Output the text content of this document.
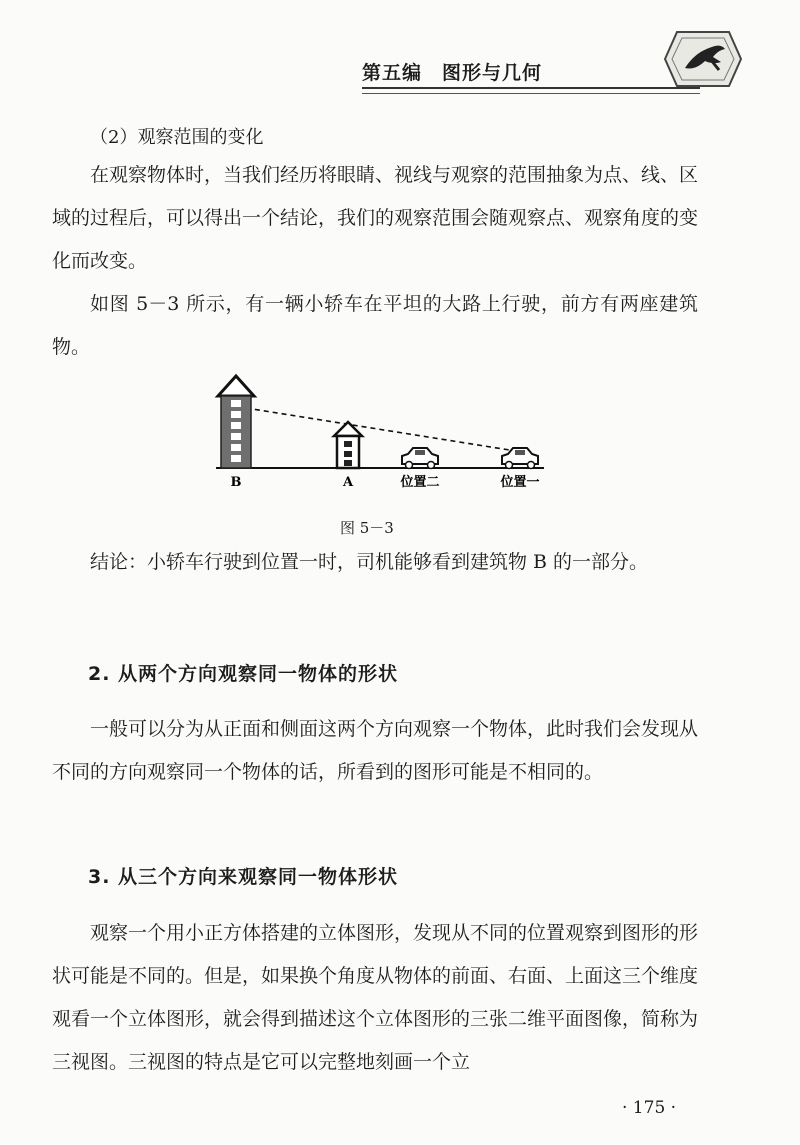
第五编　图形与几何
（2）观察范围的变化

在观察物体时，当我们经历将眼睛、视线与观察的范围抽象为点、线、区域的过程后，可以得出一个结论，我们的观察范围会随观察点、观察角度的变化而改变。

如图 5－3 所示，有一辆小轿车在平坦的大路上行驶，前方有两座建筑物。

B	A	位置二	位置一
图 5－3

结论：小轿车行驶到位置一时，司机能够看到建筑物 B 的一部分。

2. 从两个方向观察同一物体的形状

一般可以分为从正面和侧面这两个方向观察一个物体，此时我们会发现从不同的方向观察同一个物体的话，所看到的图形可能是不相同的。

3. 从三个方向来观察同一物体形状

观察一个用小正方体搭建的立体图形，发现从不同的位置观察到图形的形状可能是不同的。但是，如果换个角度从物体的前面、右面、上面这三个维度观看一个立体图形，就会得到描述这个立体图形的三张二维平面图像，简称为三视图。三视图的特点是它可以完整地刻画一个立

· 175 ·
